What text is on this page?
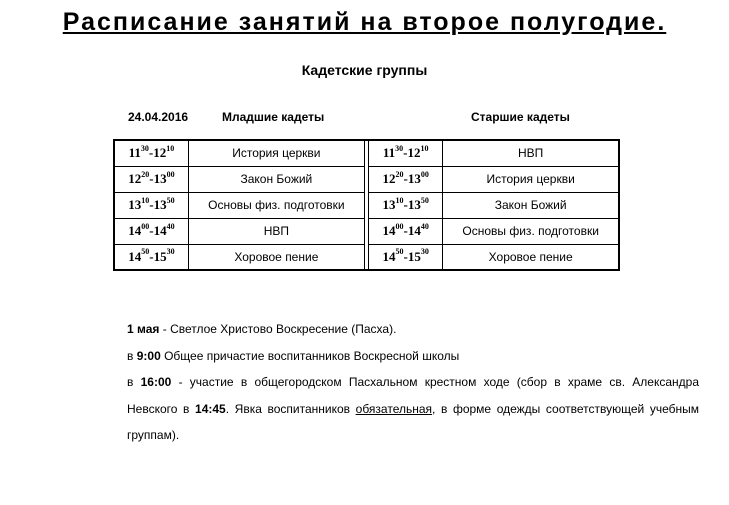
Расписание занятий на второе полугодие.
Кадетские группы
24.04.2016	Младшие кадеты	Старшие кадеты
$11^{30}-12^{10}$	История церкви		$11^{30}-12^{10}$	НВП
$12^{20}-13^{00}$	Закон Божий		$12^{20}-13^{00}$	История церкви
$13^{10}-13^{50}$	Основы физ. подготовки		$13^{10}-13^{50}$	Закон Божий
$14^{00}-14^{40}$	НВП		$14^{00}-14^{40}$	Основы физ. подготовки
$14^{50}-15^{30}$	Хоровое пение		$14^{50}-15^{30}$	Хоровое пение

1 мая - Светлое Христово Воскресение (Пасха).

в 9:00 Общее причастие воспитанников Воскресной школы

в 16:00 - участие в общегородском Пасхальном крестном ходе (сбор в храме св. Александра Невского в 14:45. Явка воспитанников обязательная, в форме одежды соответствующей учебным группам).
